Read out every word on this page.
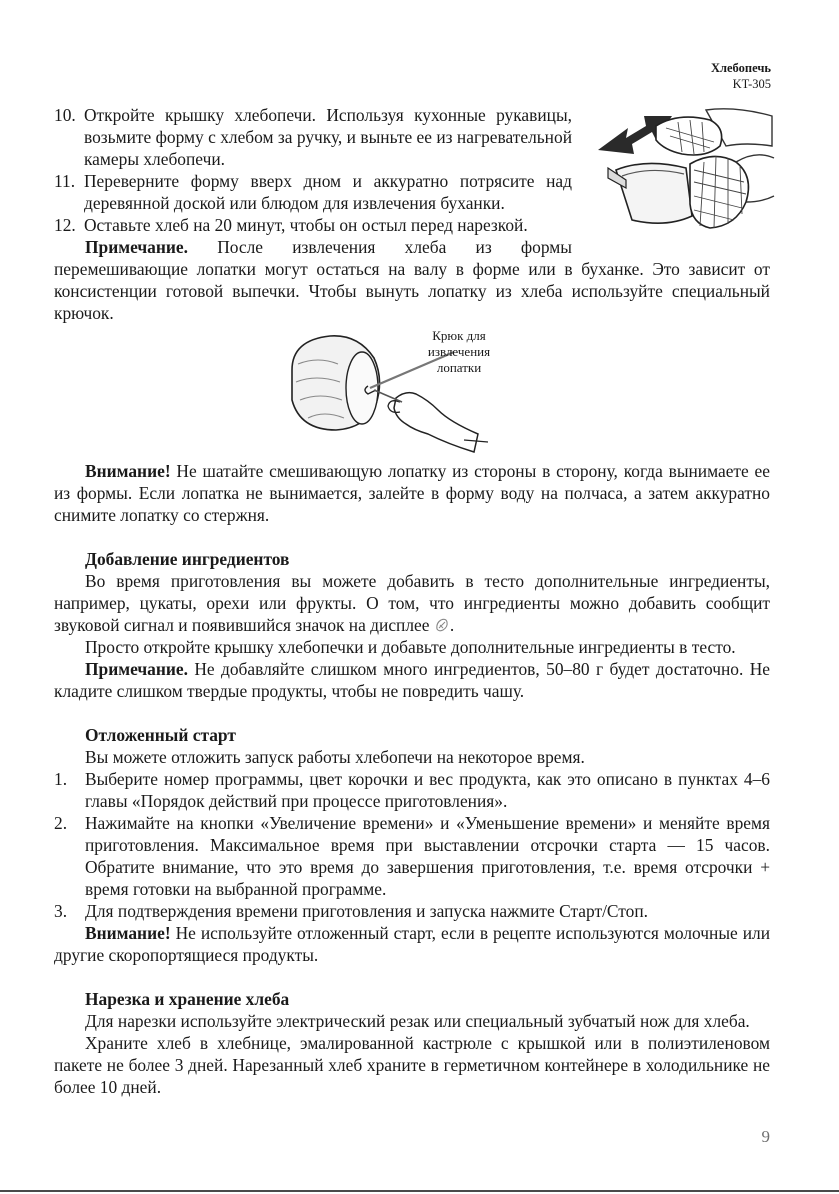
Хлебопечь
KT-305
10. Откройте крышку хлебопечи. Используя кухонные рукавицы, возьмите форму с хлебом за ручку, и выньте ее из нагревательной камеры хлебопечи.
11. Переверните форму вверх дном и аккуратно потрясите над деревянной доской или блюдом для извлечения буханки.
12. Оставьте хлеб на 20 минут, чтобы он остыл перед нарезкой.

Примечание. После извлечения хлеба из формы перемешивающие лопатки могут остаться на валу в форме или в буханке. Это зависит от консистенции готовой выпечки. Чтобы вынуть лопатку из хлеба используйте специальный крючок.

Крюк для извлечения лопатки

Внимание! Не шатайте смешивающую лопатку из стороны в сторону, когда вынимаете ее из формы. Если лопатка не вынимается, залейте в форму воду на полчаса, а затем аккуратно снимите лопатку со стержня.

Добавление ингредиентов

Во время приготовления вы можете добавить в тесто дополнительные ингредиенты, например, цукаты, орехи или фрукты. О том, что ингредиенты можно добавить сообщит звуковой сигнал и появившийся значок на дисплее .

Просто откройте крышку хлебопечки и добавьте дополнительные ингредиенты в тесто.

Примечание. Не добавляйте слишком много ингредиентов, 50–80 г будет достаточно. Не кладите слишком твердые продукты, чтобы не повредить чашу.

Отложенный старт

Вы можете отложить запуск работы хлебопечи на некоторое время.

1.	Выберите номер программы, цвет корочки и вес продукта, как это описано в пунктах 4–6 главы «Порядок действий при процессе приготовления».
2.	Нажимайте на кнопки «Увеличение времени» и «Уменьшение времени» и меняйте время приготовления. Максимальное время при выставлении отсрочки старта — 15 часов. Обратите внимание, что это время до завершения приготовления, т.е. время отсрочки + время готовки на выбранной программе.
3.	Для подтверждения времени приготовления и запуска нажмите Старт/Стоп.

Внимание! Не используйте отложенный старт, если в рецепте используются молочные или другие скоропортящиеся продукты.

Нарезка и хранение хлеба

Для нарезки используйте электрический резак или специальный зубчатый нож для хлеба.

Храните хлеб в хлебнице, эмалированной кастрюле с крышкой или в полиэтиленовом пакете не более 3 дней. Нарезанный хлеб храните в герметичном контейнере в холодильнике не более 10 дней.

9
